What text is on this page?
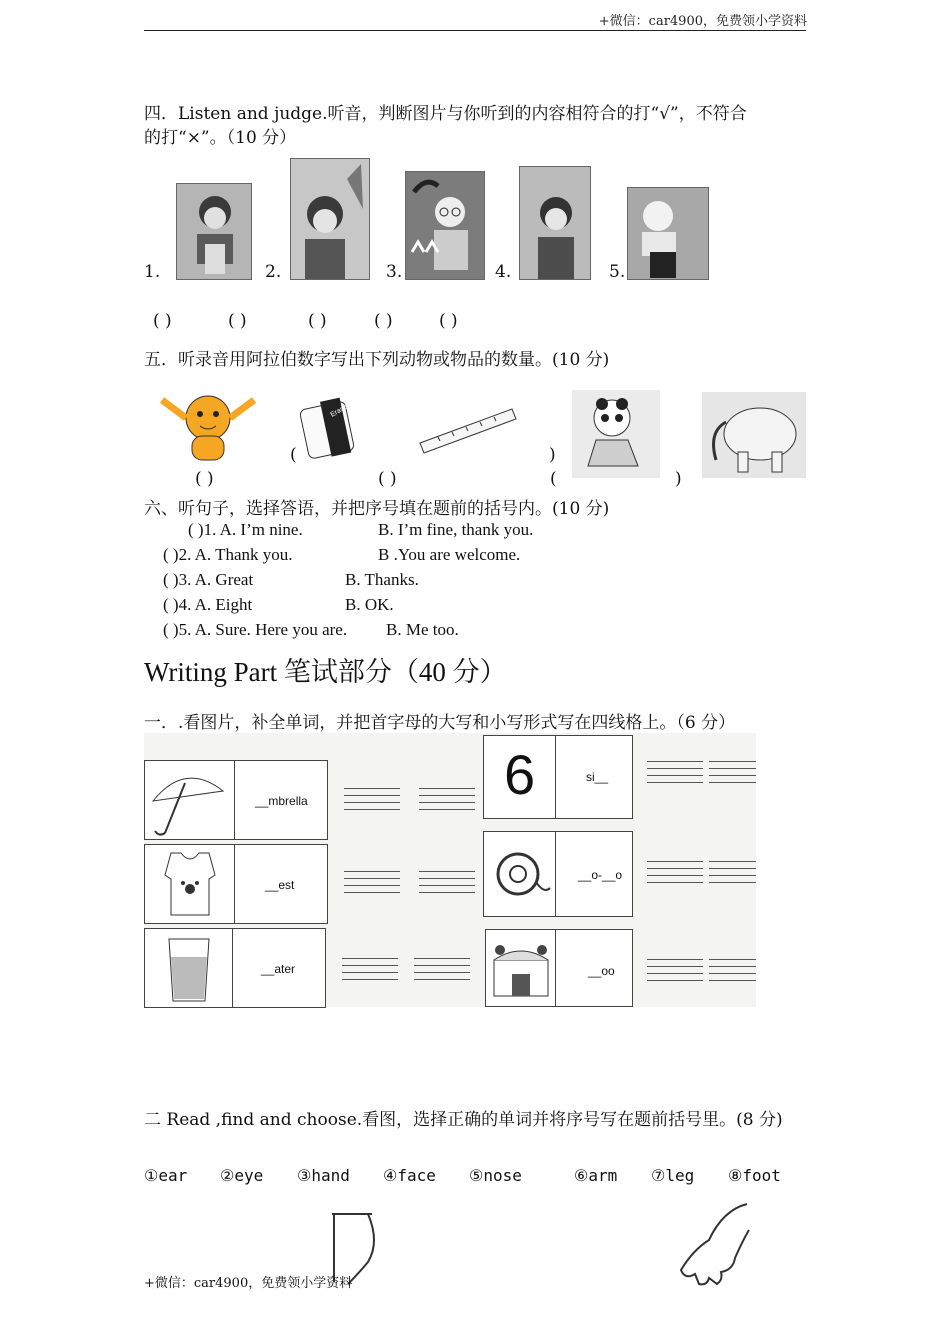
+微信：car4900，免费领小学资料
四．Listen and judge.听音，判断图片与你听到的内容相符合的打“√”，不符合
的打“×”。（10 分）
1.	2.	3.	4.	5.
( )	( )	( )	( )	( )
五．听录音用阿拉伯数字写出下列动物或物品的数量。(10 分)
Eraser
( )
(
( )
)
(	)
六、听句子，选择答语，并把序号填在题前的括号内。(10 分)
( )1. A. I’m nine.	B. I’m fine, thank you.
( )2. A. Thank you.	B .You are welcome.
( )3. A. Great	B. Thanks.
( )4. A. Eight	B. OK.
( )5. A. Sure. Here you are. B. Me too.
Writing Part 笔试部分（40 分）
一．.看图片，补全单词，并把首字母的大写和小写形式写在四线格上。（6 分）
__mbrella
__est
__ater
6	si__
__o-__o
__oo
二 Read ,find and choose.看图，选择正确的单词并将序号写在题前括号里。(8 分)
①ear ②eye ③hand ④face ⑤nose	⑥arm ⑦leg ⑧foot
+微信：car4900，免费领小学资料
